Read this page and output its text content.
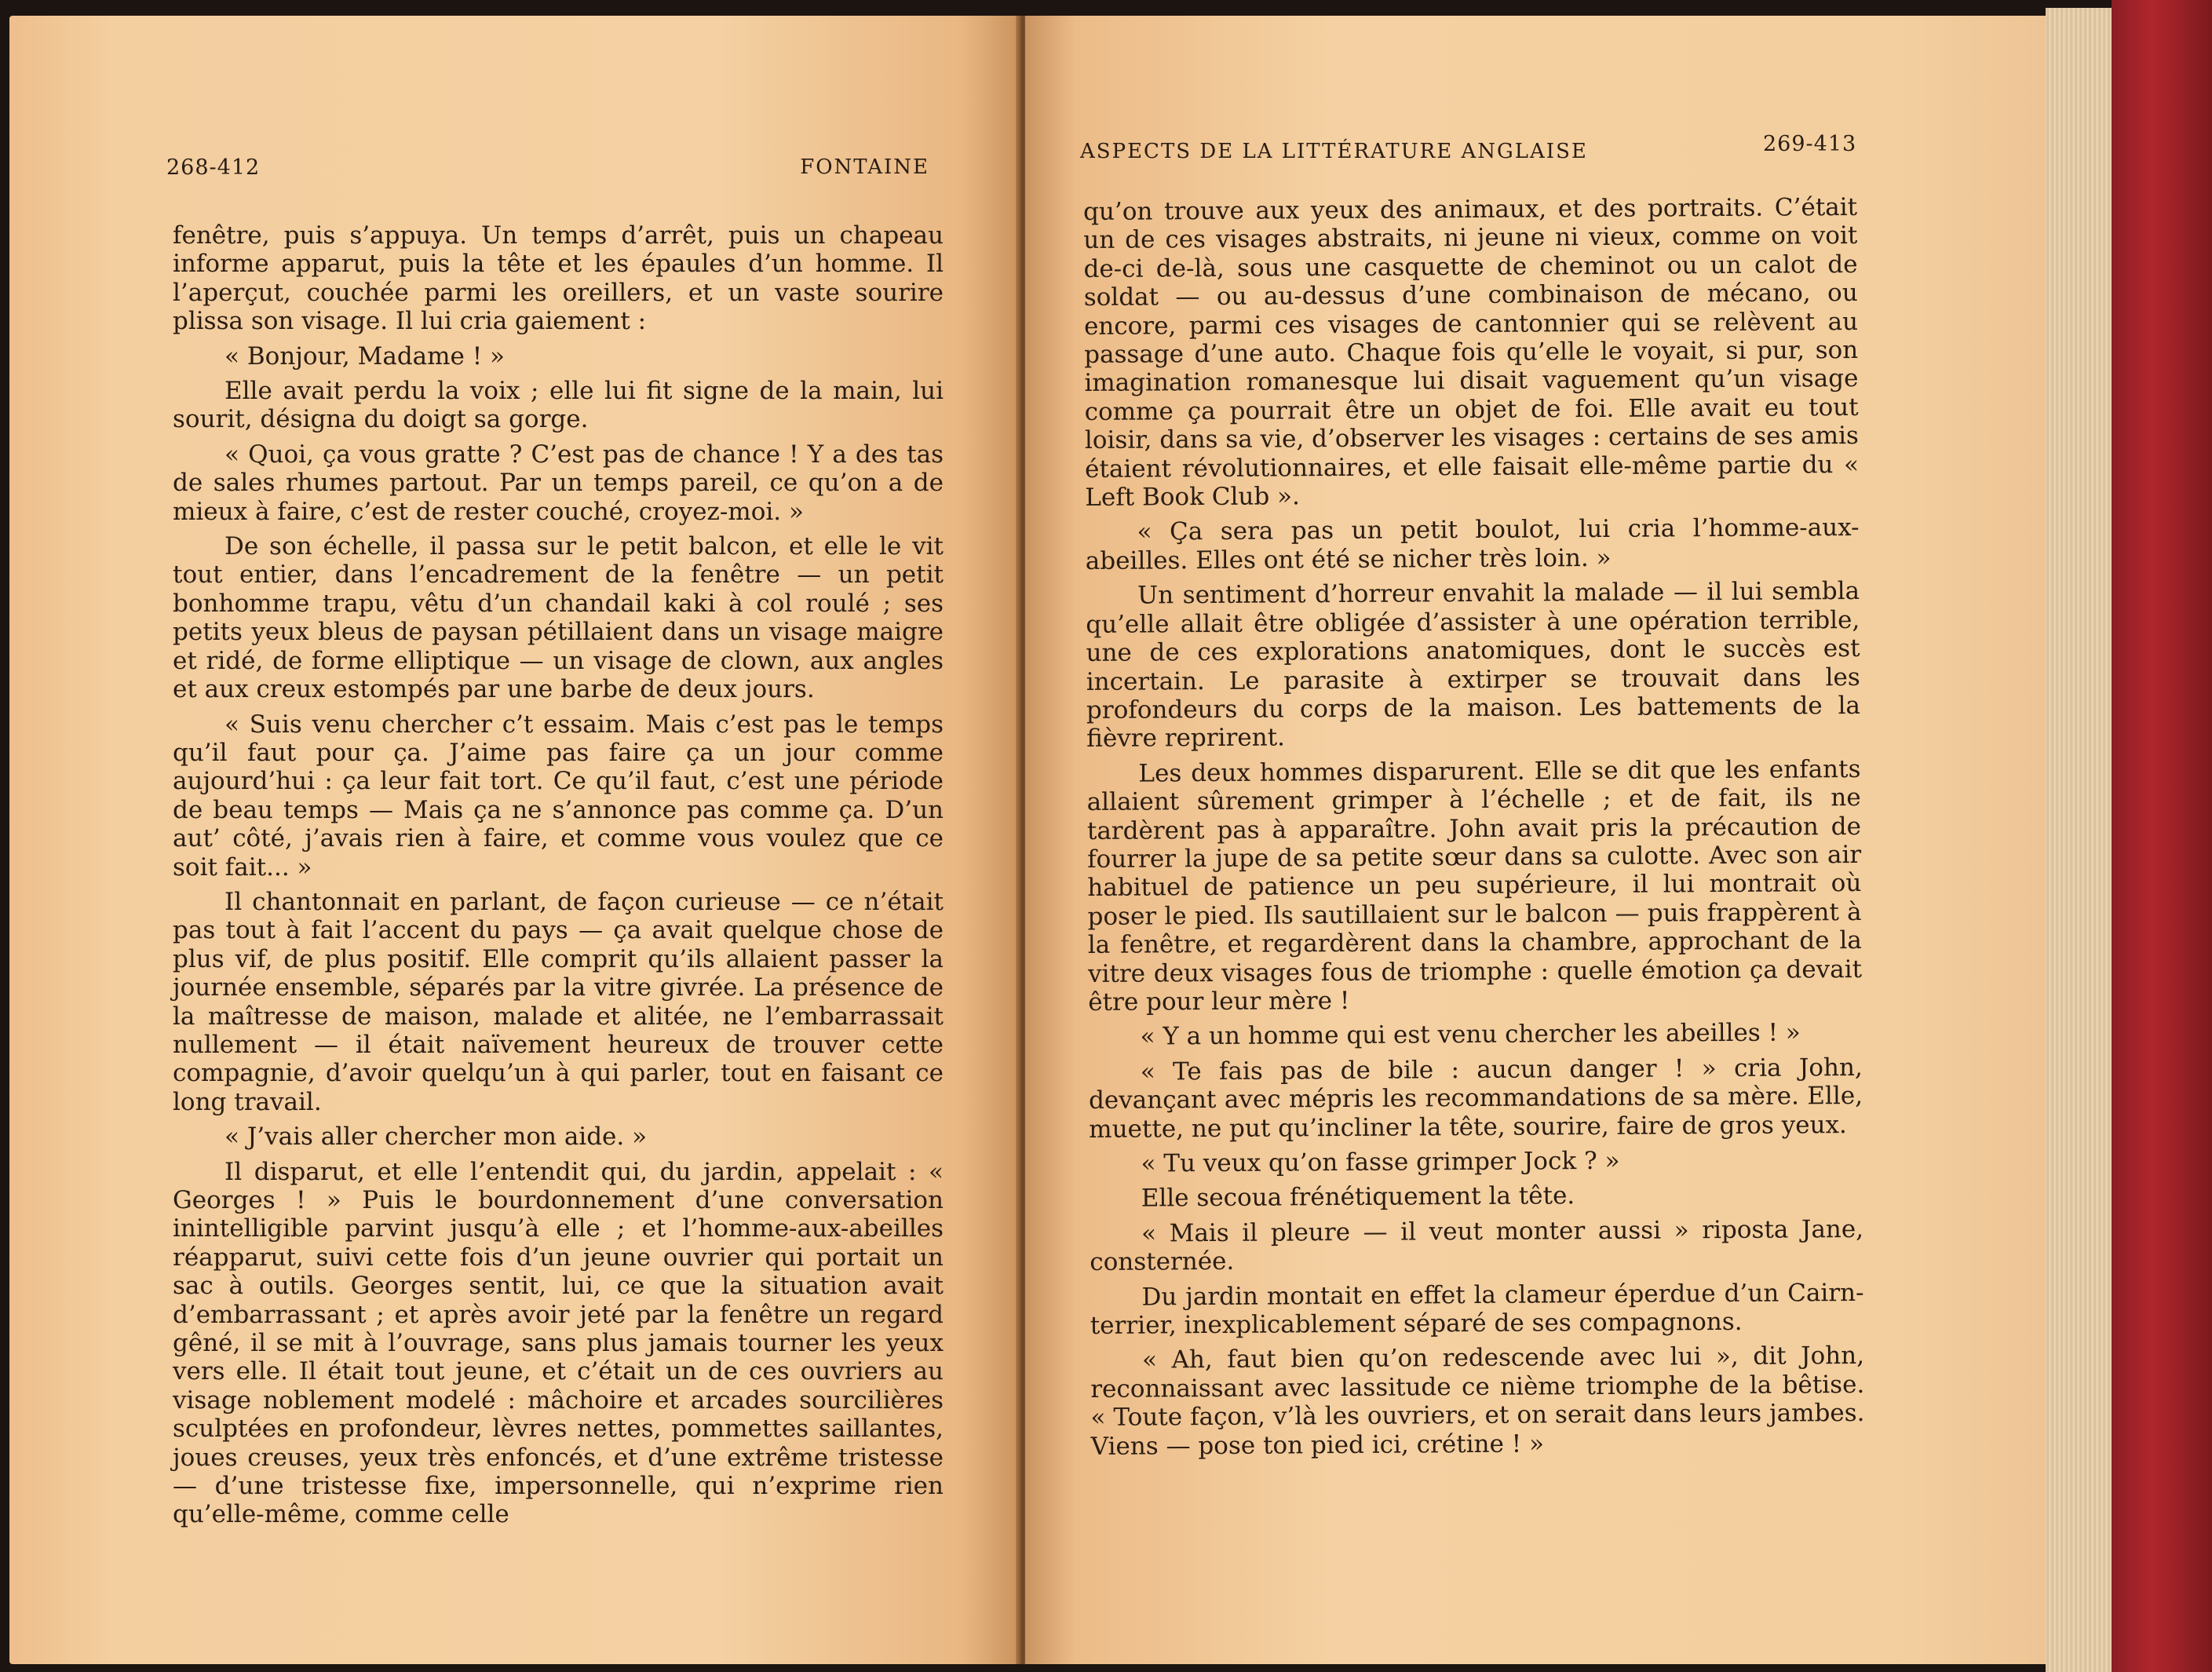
268-412	FONTAINE

fenêtre, puis s’appuya. Un temps d’arrêt, puis un chapeau informe apparut, puis la tête et les épaules d’un homme. Il l’aperçut, couchée parmi les oreillers, et un vaste sourire plissa son visage. Il lui cria gaiement :

« Bonjour, Madame ! »

Elle avait perdu la voix ; elle lui fit signe de la main, lui sourit, désigna du doigt sa gorge.

« Quoi, ça vous gratte ? C’est pas de chance ! Y a des tas de sales rhumes partout. Par un temps pareil, ce qu’on a de mieux à faire, c’est de rester couché, croyez-moi. »

De son échelle, il passa sur le petit balcon, et elle le vit tout entier, dans l’encadrement de la fenêtre — un petit bonhomme trapu, vêtu d’un chandail kaki à col roulé ; ses petits yeux bleus de paysan pétillaient dans un visage maigre et ridé, de forme elliptique — un visage de clown, aux angles et aux creux estompés par une barbe de deux jours.

« Suis venu chercher c’t essaim. Mais c’est pas le temps qu’il faut pour ça. J’aime pas faire ça un jour comme aujourd’hui : ça leur fait tort. Ce qu’il faut, c’est une période de beau temps — Mais ça ne s’annonce pas comme ça. D’un aut’ côté, j’avais rien à faire, et comme vous voulez que ce soit fait... »

Il chantonnait en parlant, de façon curieuse — ce n’était pas tout à fait l’accent du pays — ça avait quelque chose de plus vif, de plus positif. Elle comprit qu’ils allaient passer la journée ensemble, séparés par la vitre givrée. La présence de la maîtresse de maison, malade et alitée, ne l’embarrassait nullement — il était naïvement heureux de trouver cette compagnie, d’avoir quelqu’un à qui parler, tout en faisant ce long travail.

« J’vais aller chercher mon aide. »

Il disparut, et elle l’entendit qui, du jardin, appelait : « Georges ! » Puis le bourdonnement d’une conversation inintelligible parvint jusqu’à elle ; et l’homme-aux-abeilles réapparut, suivi cette fois d’un jeune ouvrier qui portait un sac à outils. Georges sentit, lui, ce que la situation avait d’embarrassant ; et après avoir jeté par la fenêtre un regard gêné, il se mit à l’ouvrage, sans plus jamais tourner les yeux vers elle. Il était tout jeune, et c’était un de ces ouvriers au visage noblement modelé : mâchoire et arcades sourcilières sculptées en profondeur, lèvres nettes, pommettes saillantes, joues creuses, yeux très enfoncés, et d’une extrême tristesse — d’une tristesse fixe, impersonnelle, qui n’exprime rien qu’elle-même, comme celle

ASPECTS DE LA LITTÉRATURE ANGLAISE	269-413

qu’on trouve aux yeux des animaux, et des portraits. C’était un de ces visages abstraits, ni jeune ni vieux, comme on voit de-ci de-là, sous une casquette de cheminot ou un calot de soldat — ou au-dessus d’une combinaison de mécano, ou encore, parmi ces visages de cantonnier qui se relèvent au passage d’une auto. Chaque fois qu’elle le voyait, si pur, son imagination romanesque lui disait vaguement qu’un visage comme ça pourrait être un objet de foi. Elle avait eu tout loisir, dans sa vie, d’observer les visages : certains de ses amis étaient révolutionnaires, et elle faisait elle-même partie du « Left Book Club ».

« Ça sera pas un petit boulot, lui cria l’homme-aux-abeilles. Elles ont été se nicher très loin. »

Un sentiment d’horreur envahit la malade — il lui sembla qu’elle allait être obligée d’assister à une opération terrible, une de ces explorations anatomiques, dont le succès est incertain. Le parasite à extirper se trouvait dans les profondeurs du corps de la maison. Les battements de la fièvre reprirent.

Les deux hommes disparurent. Elle se dit que les enfants allaient sûrement grimper à l’échelle ; et de fait, ils ne tardèrent pas à apparaître. John avait pris la précaution de fourrer la jupe de sa petite sœur dans sa culotte. Avec son air habituel de patience un peu supérieure, il lui montrait où poser le pied. Ils sautillaient sur le balcon — puis frappèrent à la fenêtre, et regardèrent dans la chambre, approchant de la vitre deux visages fous de triomphe : quelle émotion ça devait être pour leur mère !

« Y a un homme qui est venu chercher les abeilles ! »

« Te fais pas de bile : aucun danger ! » cria John, devançant avec mépris les recommandations de sa mère. Elle, muette, ne put qu’incliner la tête, sourire, faire de gros yeux.

« Tu veux qu’on fasse grimper Jock ? »

Elle secoua frénétiquement la tête.

« Mais il pleure — il veut monter aussi » riposta Jane, consternée.

Du jardin montait en effet la clameur éperdue d’un Cairn-terrier, inexplicablement séparé de ses compagnons.

« Ah, faut bien qu’on redescende avec lui », dit John, reconnaissant avec lassitude ce nième triomphe de la bêtise. « Toute façon, v’là les ouvriers, et on serait dans leurs jambes. Viens — pose ton pied ici, crétine ! »
